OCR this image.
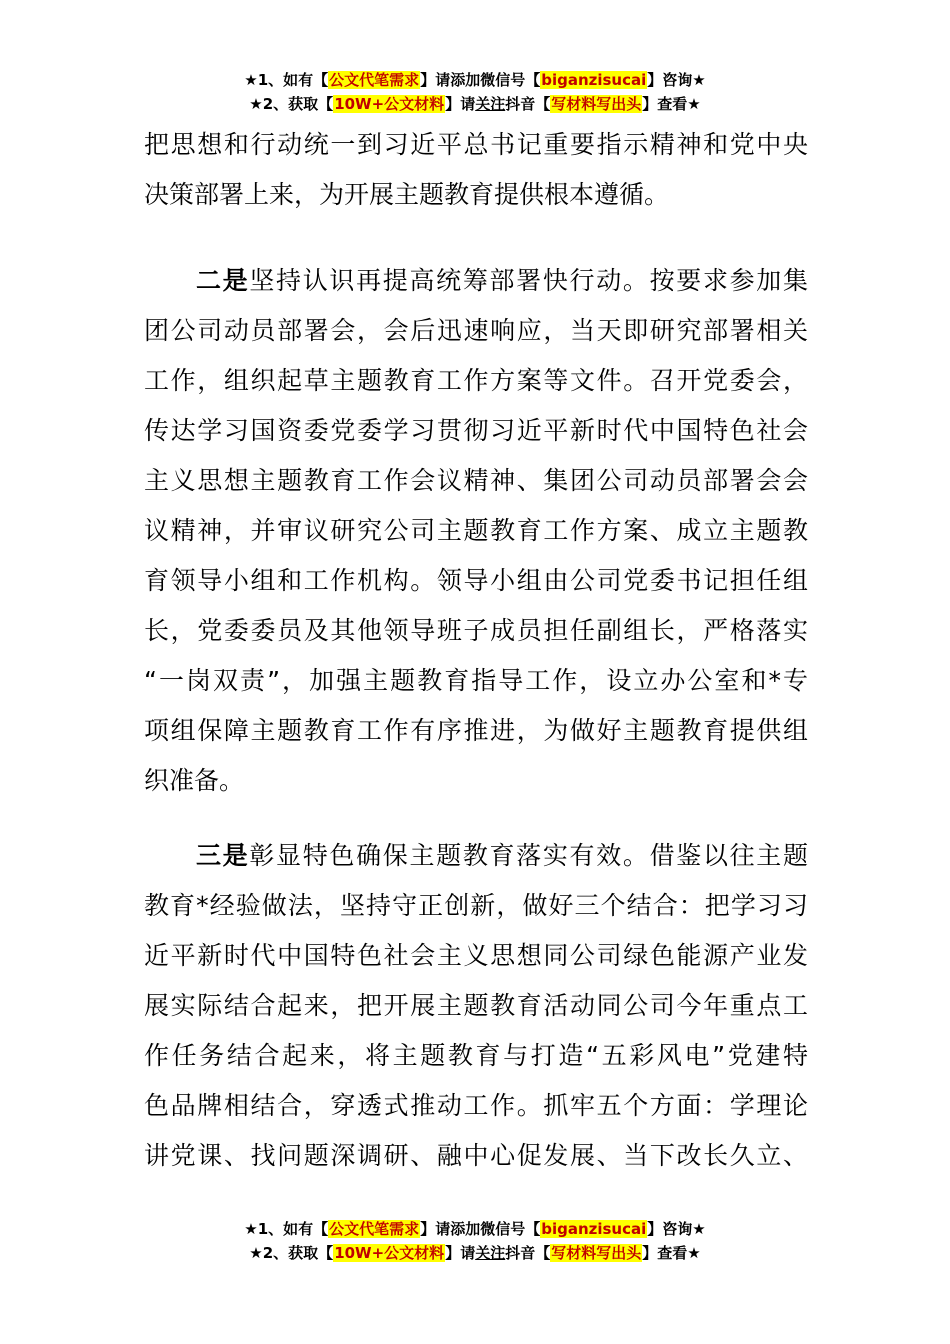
★1、如有【公文代笔需求】请添加微信号【biganzisucai】咨询★
★2、获取【10W+公文材料】请关注抖音【写材料写出头】查看★
把思想和行动统一到习近平总书记重要指示精神和党中央
决策部署上来，为开展主题教育提供根本遵循。
二是坚持认识再提高统筹部署快行动。按要求参加集
团公司动员部署会，会后迅速响应，当天即研究部署相关
工作，组织起草主题教育工作方案等文件。召开党委会，
传达学习国资委党委学习贯彻习近平新时代中国特色社会
主义思想主题教育工作会议精神、集团公司动员部署会会
议精神，并审议研究公司主题教育工作方案、成立主题教
育领导小组和工作机构。领导小组由公司党委书记担任组
长，党委委员及其他领导班子成员担任副组长，严格落实
“一岗双责”，加强主题教育指导工作，设立办公室和*专
项组保障主题教育工作有序推进，为做好主题教育提供组
织准备。
三是彰显特色确保主题教育落实有效。借鉴以往主题
教育*经验做法，坚持守正创新，做好三个结合：把学习习
近平新时代中国特色社会主义思想同公司绿色能源产业发
展实际结合起来，把开展主题教育活动同公司今年重点工
作任务结合起来，将主题教育与打造“五彩风电”党建特
色品牌相结合，穿透式推动工作。抓牢五个方面：学理论
讲党课、找问题深调研、融中心促发展、当下改长久立、
★1、如有【公文代笔需求】请添加微信号【biganzisucai】咨询★
★2、获取【10W+公文材料】请关注抖音【写材料写出头】查看★
